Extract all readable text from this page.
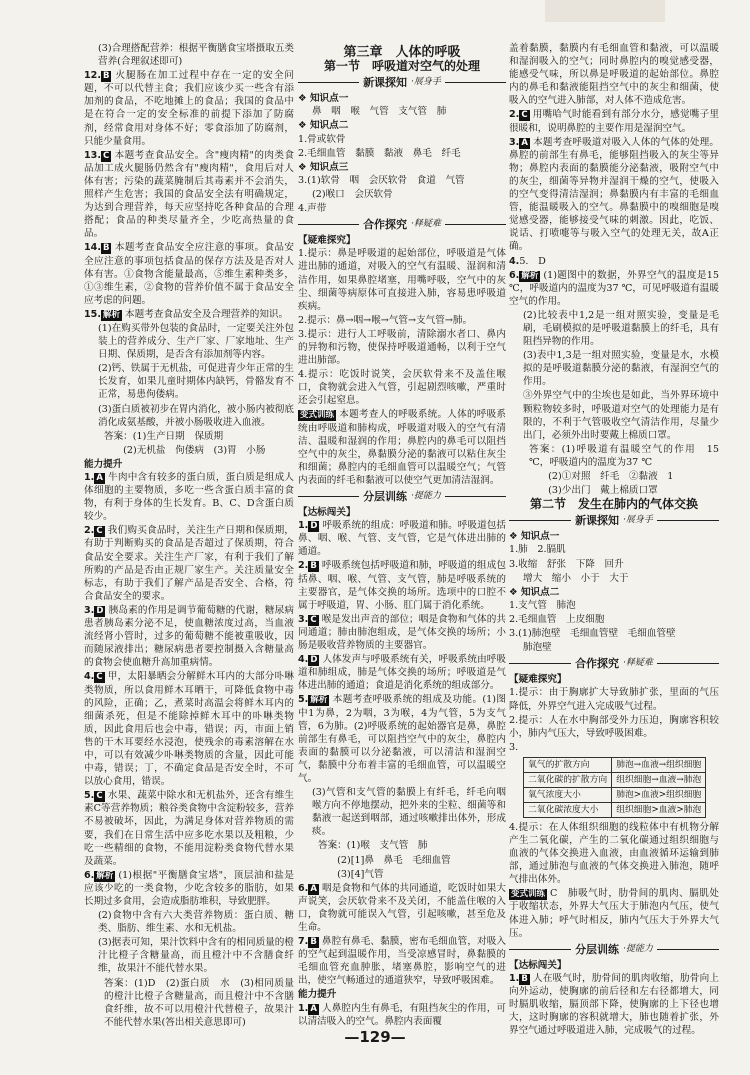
(3)合理搭配营养：根据平衡膳食宝塔摄取五类营养(合理叙述即可)
12. B 火腿肠在加工过程中存在一定的安全问题，不可以代替主食；我们应该少买一些含有添加剂的食品，不吃地摊上的食品；我国的食品中是在符合一定的安全标准的前提下添加了防腐剂，经常食用对身体不好；零食添加了防腐剂，只能少量食用。
13. C 本题考查食品安全。含"瘦肉精"的肉类食品加工成火腿肠仍然含有"瘦肉精"，食用后对人体有害；污染的蔬菜腌制后其毒素并不会消失，照样产生危害；我国的食品安全法有明确规定，为达到合理营养，每天应坚持吃各种食品的合理搭配；食品的种类尽量齐全，少吃高热量的食品。
14. B 本题考查食品安全应注意的事项。食品安全应注意的事项包括食品的保存方法及是否对人体有害。①食物含能量最高，⑤维生素种类多，①③维生素，②食物的营养价值不属于食品安全应考虑的问题。
15. 解析 本题考查食品安全及合理营养的知识。
(1)在购买带外包装的食品时，一定要关注外包装上的营养成分、生产厂家、厂家地址、生产日期、保质期，是否含有添加剂等内容。
(2)钙、铁属于无机盐，可促进青少年正常的生长发育，如果儿童时期体内缺钙，骨骼发育不正常，易患佝偻病。
(3)蛋白质被初步在胃内消化，被小肠内被彻底消化成氨基酸，并被小肠吸收进入血液。
答案：(1)生产日期　保质期
　　(2)无机盐　佝偻病　(3)胃　小肠
能力提升
1. A 牛肉中含有较多的蛋白质，蛋白质是组成人体细胞的主要物质，多吃一些含蛋白质丰富的食物，有利于身体的生长发育。B、C、D含蛋白质较少。
2. C 我们购买食品时，关注生产日期和保质期，有助于判断购买的食品是否超过了保质期，符合食品安全要求。关注生产厂家，有利于我们了解所购的产品是否由正规厂家生产。关注质量安全标志，有助于我们了解产品是否安全、合格，符合食品安全的要求。
3. D 胰岛素的作用是调节葡萄糖的代谢，糖尿病患者胰岛素分泌不足，使血糖浓度过高，当血液流经肾小管时，过多的葡萄糖不能被重吸收，因而随尿液排出；糖尿病患者要控制摄入含糖量高的食物会使血糖升高加重病情。
4. C 甲，太阳暴晒会分解鲜木耳内的大部分卟啉类物质，所以食用鲜木耳晒干，可降低食物中毒的风险，正确；乙，煮菜时高温会将鲜木耳内的细菌杀死，但是不能除掉鲜木耳中的卟啉类物质，因此食用后也会中毒，错误；丙，市面上销售的干木耳要经水浸泡，使残余的毒素溶解在水中，可以有效减少卟啉类物质的含量，因此可能中毒，错误；丁，不确定食品是否安全时，不可以放心食用，错误。
5. C 水果、蔬菜中除水和无机盐外，还含有维生素C等营养物质；粮谷类食物中含淀粉较多，营养不易被破坏，因此，为满足身体对营养物质的需要，我们在日常生活中应多吃水果以及粗粮，少吃一些精细的食物，不能用淀粉类食物代替水果及蔬菜。
6. 解析 (1)根据"平衡膳食宝塔"，顶层油和盐是应该少吃的一类食物，少吃含较多的脂肪，如果长期过多食用，会造成脂肪堆积，导致肥胖。
(2)食物中含有六大类营养物质：蛋白质、糖类、脂肪、维生素、水和无机盐。
(3)据表可知，果汁饮料中含有的相同质量的橙汁比橙子含糖量高，而且橙汁中不含膳食纤维，故果汁不能代替水果。
答案：(1)D　(2)蛋白质　水　(3)相同质量的橙汁比橙子含糖量高，而且橙汁中不含膳食纤维，故不可以用橙汁代替橙子，故果汁不能代替水果(答出相关意思即可)
第三章　人体的呼吸
第一节　呼吸道对空气的处理
新课探知 ·展身手
❖ 知识点一
鼻　咽　喉　气管　支气管　肺
❖ 知识点二
1.骨或软骨
2.毛细血管　黏膜　黏液　鼻毛　纤毛
❖ 知识点三
3.(1)软骨　咽　会厌软骨　食道　气管
(2)喉口　会厌软骨
4.声带
合作探究 ·释疑难
【疑难探究】
1.提示：鼻是呼吸道的起始部位，呼吸道是气体进出肺的通道，对吸入的空气有温暖、湿润和清洁作用，如果鼻腔堵塞，用嘴呼吸，空气中的灰尘、细菌等病原体可直接进入肺，容易患呼吸道疾病。
2.提示：鼻→咽→喉→气管→支气管→肺。
3.提示：进行人工呼吸前，清除溺水者口、鼻内的异物和污物，使保持呼吸道通畅，以利于空气进出肺部。
4.提示：吃饭时说笑，会厌软骨来不及盖住喉口，食物就会进入气管，引起剧烈咳嗽，严重时还会引起窒息。
变式训练 本题考查人的呼吸系统。人体的呼吸系统由呼吸道和肺构成，呼吸道对吸入的空气有清洁、温暖和湿润的作用；鼻腔内的鼻毛可以阻挡空气中的灰尘，鼻黏膜分泌的黏液可以粘住灰尘和细菌；鼻腔内的毛细血管可以温暖空气；气管内表面的纤毛和黏液可以使空气更加清洁湿润。
分层训练 ·提能力
【达标闯关】
1. D 呼吸系统的组成：呼吸道和肺。呼吸道包括鼻、咽、喉、气管、支气管，它是气体进出肺的通道。
2. B 呼吸系统包括呼吸道和肺，呼吸道的组成包括鼻、咽、喉、气管、支气管，肺是呼吸系统的主要器官，是气体交换的场所。选项中的口腔不属于呼吸道，胃、小肠、肛门属于消化系统。
3. C 喉是发出声音的部位；咽是食物和气体的共同通道；肺由肺泡组成，是气体交换的场所；小肠是吸收营养物质的主要器官。
4. D 人体发声与呼吸系统有关，呼吸系统由呼吸道和肺组成，肺是气体交换的场所；呼吸道是气体进出肺的通道；食道是消化系统的组成部分。
5. 解析 本题考查呼吸系统的组成及功能。(1)图中1为鼻，2为咽，3为喉，4为气管，5为支气管，6为肺。(2)呼吸系统的起始器官是鼻，鼻腔前部生有鼻毛，可以阻挡空气中的灰尘，鼻腔内表面的黏膜可以分泌黏液，可以清洁和湿润空气，黏膜中分布着丰富的毛细血管，可以温暖空气。
(3)气管和支气管的黏膜上有纤毛，纤毛向咽喉方向不停地摆动，把外来的尘粒、细菌等和黏液一起送到咽部，通过咳嗽排出体外，形成痰。
答案：(1)喉　支气管　肺
　　(2)[1]鼻　鼻毛　毛细血管
　　(3)[4]气管
6. A 咽是食物和气体的共同通道，吃饭时如果大声说笑，会厌软骨来不及关闭，不能盖住喉的入口，食物就可能误入气管，引起咳嗽，甚至危及生命。
7. B 鼻腔有鼻毛、黏膜，密布毛细血管，对吸入的空气起到温暖作用，当受凉感冒时，鼻黏膜的毛细血管充血肿胀，堵塞鼻腔，影响空气的进出，使空气畅通过的通道狭窄，导致呼吸困难。
能力提升
1. A 人鼻腔内生有鼻毛，有阻挡灰尘的作用，可以清洁吸入的空气。鼻腔内表面覆
盖着黏膜，黏膜内有毛细血管和黏液，可以温暖和湿润吸入的空气；同时鼻腔内的嗅觉感受器，能感受气味，所以鼻是呼吸道的起始部位。鼻腔内的鼻毛和黏液能阻挡空气中的灰尘和细菌，使吸入的空气进入肺部，对人体不造成危害。
2. C 用嘴哈气时能看到有部分水分，感觉嘴子里很暖和，说明鼻腔的主要作用是湿润空气。
3. A 本题考查呼吸道对吸入人体的气体的处理。鼻腔的前部生有鼻毛，能够阻挡吸入的灰尘等异物；鼻腔内表面的黏膜能分泌黏液，吸附空气中的灰尘，细菌等异物并湿润干燥的空气，使吸入的空气变得清洁湿润；鼻黏膜内有丰富的毛细血管，能温暖吸入的空气。鼻黏膜中的嗅细胞是嗅觉感受器，能够接受气味的刺激。因此，吃饭、说话、打喷嚏等与吸入空气的处理无关，故A正确。
4.5.　D
6. 解析 (1)题图中的数据，外界空气的温度是15 ℃，呼吸道内的温度为37 ℃，可见呼吸道有温暖空气的作用。
(2)比较表中1,2是一组对照实验，变量是毛刷，毛刷模拟的是呼吸道黏膜上的纤毛，具有阻挡异物的作用。
(3)表中1,3是一组对照实验，变量是水，水模拟的是呼吸道黏膜分泌的黏液，有湿润空气的作用。
③外界空气中的尘埃也是如此，当外界环境中颗粒物较多时，呼吸道对空气的处理能力是有限的，不利于气管吸收空气清洁作用，尽量少出门，必须外出时要戴上棉质口罩。
答案：(1)呼吸道有温暖空气的作用　15 ℃，呼吸道内的温度为37 ℃
　　(2)①对照　纤毛　②黏液　1
　　(3)少出门　戴上棉质口罩
第二节　发生在肺内的气体交换
新课探知 ·展身手
❖ 知识点一
1.肺　2.膈肌
3.收缩　舒张　下降　回升
增大　缩小　小于　大于
❖ 知识点二
1.支气管　肺泡
2.毛细血管　上皮细胞
3.(1)肺泡壁　毛细血管壁　毛细血管壁
肺泡壁
合作探究 ·释疑难
【疑难探究】
1.提示：由于胸廓扩大导致肺扩张，里面的气压降低，外界空气进入完成吸气过程。
2.提示：人在水中胸部受外力压迫，胸廓容积较小，肺内气压大，导致呼吸困难。
3.
氧气的扩散方向	肺泡→血液→组织细胞
二氧化碳的扩散方向	组织细胞→血液→肺泡
氧气浓度大小	肺泡>血液>组织细胞
二氧化碳浓度大小	组织细胞>血液>肺泡
4.提示：在人体组织细胞的线粒体中有机物分解产生二氧化碳，产生的二氧化碳通过组织细胞与血液的气体交换进入血液，由血液循环运输到肺部，通过肺泡与血液的气体交换进入肺泡，随呼气排出体外。
变式训练 C　肺吸气时，肋骨间的肌肉、膈肌处于收缩状态，外界大气压大于肺泡内气压，使气体进入肺；呼气时相反，肺内气压大于外界大气压。
分层训练 ·提能力
【达标闯关】
1. B 人在吸气时，肋骨间的肌肉收缩，肋骨向上向外运动，使胸廓的前后径和左右径都增大，同时膈肌收缩，膈顶部下降，使胸廓的上下径也增大，这时胸廓的容积就增大，肺也随着扩张，外界空气通过呼吸道进入肺，完成吸气的过程。
—129—
